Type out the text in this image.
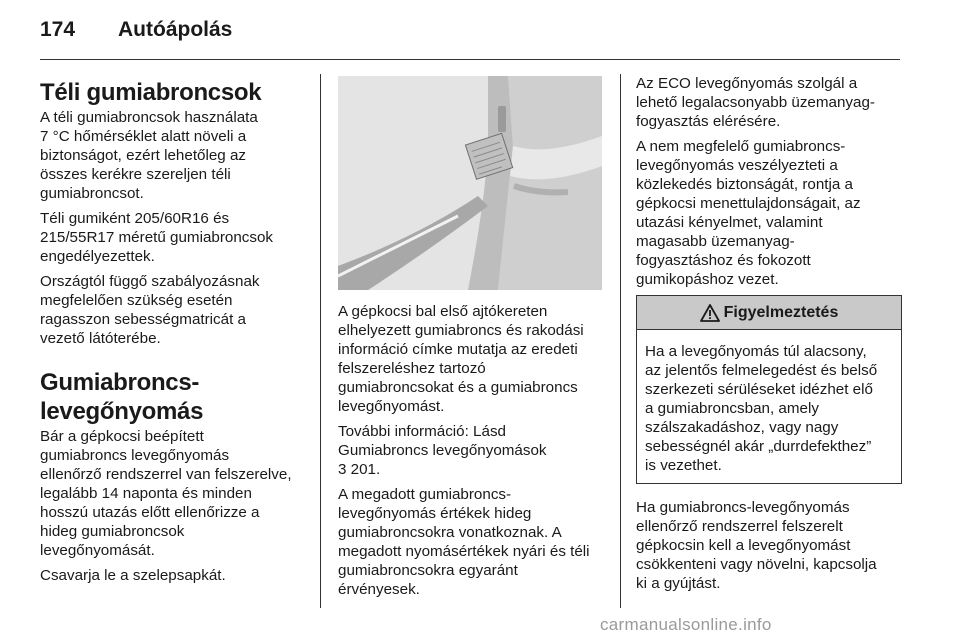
174 Autóápolás
Téli gumiabroncsok

A téli gumiabroncsok használata
7 °C hőmérséklet alatt növeli a
biztonságot, ezért lehetőleg az
összes kerékre szereljen téli
gumiabroncsot.

Téli gumiként 205/60R16 és
215/55R17 méretű gumiabroncsok
engedélyezettek.

Országtól függő szabályozásnak
megfelelően szükség esetén
ragasszon sebességmatricát a
vezető látóterébe.

Gumiabroncs-
levegőnyomás

Bár a gépkocsi beépített
gumiabroncs levegőnyomás
ellenőrző rendszerrel van felszerelve,
legalább 14 naponta és minden
hosszú utazás előtt ellenőrizze a
hideg gumiabroncsok
levegőnyomását.

Csavarja le a szelepsapkát.

A gépkocsi bal első ajtókereten
elhelyezett gumiabroncs és rakodási
információ címke mutatja az eredeti
felszereléshez tartozó
gumiabroncsokat és a gumiabroncs
levegőnyomást.

További információ: Lásd
Gumiabroncs levegőnyomások
3 201.

A megadott gumiabroncs-
levegőnyomás értékek hideg
gumiabroncsokra vonatkoznak. A
megadott nyomásértékek nyári és téli
gumiabroncsokra egyaránt
érvényesek.

Az ECO levegőnyomás szolgál a
lehető legalacsonyabb üzemanyag-
fogyasztás elérésére.

A nem megfelelő gumiabroncs-
levegőnyomás veszélyezteti a
közlekedés biztonságát, rontja a
gépkocsi menettulajdonságait, az
utazási kényelmet, valamint
magasabb üzemanyag-
fogyasztáshoz és fokozott
gumikopáshoz vezet.

Figyelmeztetés
Ha a levegőnyomás túl alacsony,
az jelentős felmelegedést és belső
szerkezeti sérüléseket idézhet elő
a gumiabroncsban, amely
szálszakadáshoz, vagy nagy
sebességnél akár „durrdefekthez”
is vezethet.

Ha gumiabroncs-levegőnyomás
ellenőrző rendszerrel felszerelt
gépkocsin kell a levegőnyomást
csökkenteni vagy növelni, kapcsolja
ki a gyújtást.

carmanualsonline.info
